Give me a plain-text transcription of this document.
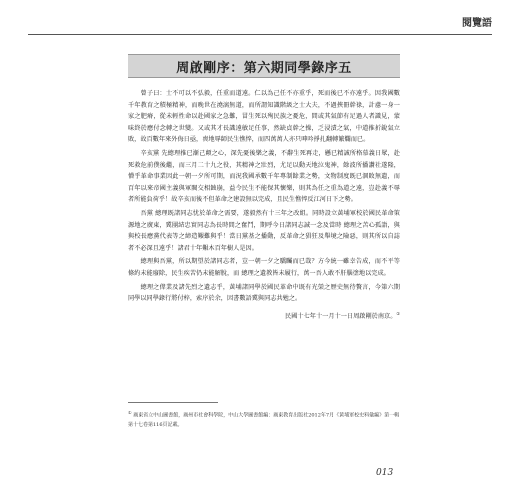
閱覽語
周啟剛序：第六期同學錄序五

曾子曰：士不可以不弘毅，任重而道遠。仁以為己任不亦重乎，死而後已不亦遠乎。因我國數千年教育之積極精神，而晚世在澆漓無道，而所謂知識階級之士大夫，不過挾冊幹祿，計慮一身一家之肥瘠，從未輕性命以赴國家之急難，冒生死以殉民族之憂危，間或其氣節有足過人者識見，蒙味終於應付念轉之世變。又或其才長識遠敏足任事，然缺貞幹之操，乏浸漬之氣，中道推折銳氣立敗，故百數年來外侮日亟，喪地辱師民生憔悴，而四萬萬人亦只呻吟掙扎翻轉繁爛而已。

辛亥黨 先總理推已漸己顛之心，深先憂後樂之義，不辭生死再走，懸已精誠所格慕義日眾，赴死救危前僕後繼，而三月二十九之役，其精神之壯烈，尤足以動天地泣鬼神，餘波所播讚社遂隆，懵乎革命事業因此一朝一夕所可期，而況我國承數千年專制餘業之勢，文物制度既已涸敗無遺，而百年以來帝國主義與軍閥交相蝕崩，益令民生不能保其懷樂，則其為任之重為道之遠，豈赴義不辱者所能負荷乎！故辛亥而後不但革命之建設無以完成，且民生憔悴反江河日下之勢。

吾黨 總理既諸同志忧於革命之需要，遂毅然有十三年之改組。同時設立黃埔軍校於國民革命策源地之廣東，冀團結忠實同志為長時間之奮鬥，期呼今日諸同志誠一念及當時 總理之苦心孤詣，與與校長應黨代表等之締造艱難與乎！當日黨基之播動，反革命之猖狂及舉境之險惡，則其所以自誌者不必深且遠乎！諸君十年艱木百年樹人是因。

總理與吾黨，所以期望於諸同志者，豈一朝一夕之驕矚而已哉？方今統一雖幸告成，而不平等條約未能廢除，民生疾苦仍未能解脫，而 總理之遺教皆未履行，萬一吾人敢不肝腦塗地以完成。

總理之偉業及諸先烈之遺志乎，黃埔諸同學於國民革命中既有光榮之歷史無待贅言，今第六期同學以同學錄行將付梓，索序於余，因書數語冀與同志共勉之。

民國十七年十一月十一日周啟剛於南京。①
① 廣東省立中山圖書館，廣州市社會科學院，中山大學圖書館編：廣東教育出版社2012年7月《黃埔軍校史料彙編》第一輯第十七卷第116頁記載。
013
